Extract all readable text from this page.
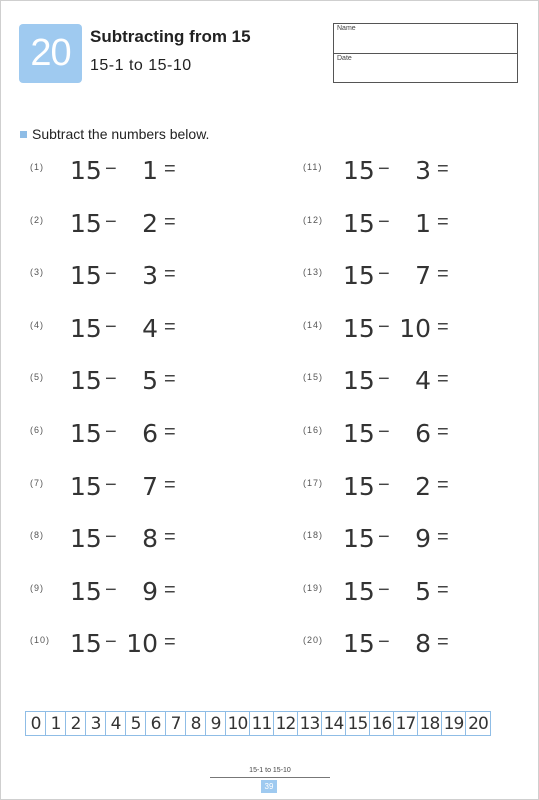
20	Subtracting from 15
15-1 to 15-10
Name
Date
Subtract the numbers below.
(1)	15 −	1 =
(2)	15 −	2 =
(3)	15 −	3 =
(4)	15 −	4 =
(5)	15 −	5 =
(6)	15 −	6 =
(7)	15 −	7 =
(8)	15 −	8 =
(9)	15 −	9 =
(10) 15 − 10 =
(11) 15 −	3 =
(12) 15 −	1 =
(13) 15 −	7 =
(14) 15 − 10 =
(15) 15 −	4 =
(16) 15 −	6 =
(17) 15 −	2 =
(18) 15 −	9 =
(19) 15 −	5 =
(20) 15 −	8 =
0 1 2 3 4 5 6 7 8 9 10 11 12 13 14 15 16 17 18 19 20
15-1 to 15-10
39
